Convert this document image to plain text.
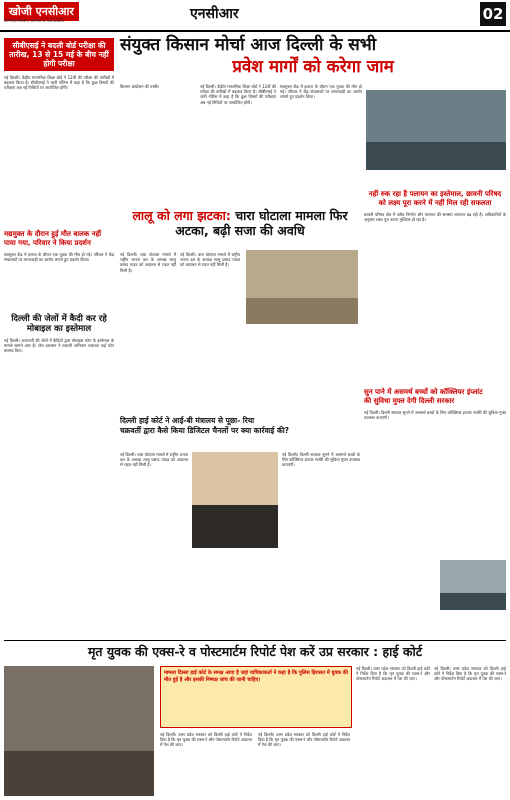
खोजी एनसीआर
दिल्ली/एनसीआर, शनिवार 4 मार्च 2024	एनसीआर	02
सीबीएसई ने बदली बोर्ड परीक्षा की तारीख, 13 से 15 मई के बीच नहीं होगी परीक्षा
नई दिल्ली। केंद्रीय माध्यमिक शिक्षा बोर्ड ने 12वीं की परीक्षा की तारीखों में बदलाव किया है। सीबीएसई ने जारी नोटिस में कहा है कि कुछ विषयों की परीक्षाएं अब नई तिथियों पर आयोजित होंगी।
संयुक्त किसान मोर्चा आज दिल्ली के सभी
प्रवेश मार्गों को करेगा जाम
किसान आंदोलन की तस्वीर	नई दिल्ली। केंद्रीय माध्यमिक शिक्षा बोर्ड ने 12वीं की परीक्षा की तारीखों में बदलाव किया है। सीबीएसई ने जारी नोटिस में कहा है कि कुछ विषयों की परीक्षाएं अब नई तिथियों पर आयोजित होंगी।
मद्यमुक्त केंद्र में इलाज के दौरान एक युवक की मौत हो गई। परिवार ने केंद्र संचालकों पर लापरवाही का आरोप लगाते हुए प्रदर्शन किया।
मद्यमुक्त के दौरान हुई मौत बालक नहीं पाया गया, परिवार ने किया प्रदर्शन
मद्यमुक्त केंद्र में इलाज के दौरान एक युवक की मौत हो गई। परिवार ने केंद्र संचालकों पर लापरवाही का आरोप लगाते हुए प्रदर्शन किया।
दिल्ली की जेलों में कैदी कर रहे मोबाइल का इस्तेमाल
नई दिल्ली। राजधानी की जेलों में कैदियों द्वारा मोबाइल फोन के इस्तेमाल के मामले सामने आए हैं। जेल प्रशासन ने तलाशी अभियान चलाकर कई फोन बरामद किए।
लालू को लगा झटका: चारा घोटाला मामला फिर अटका, बढ़ी सजा की अवधि
नई दिल्ली। चारा घोटाला मामले में राष्ट्रीय जनता दल के अध्यक्ष लालू प्रसाद यादव को अदालत से राहत नहीं मिली है।
नई दिल्ली। चारा घोटाला मामले में राष्ट्रीय जनता दल के अध्यक्ष लालू प्रसाद यादव को अदालत से राहत नहीं मिली है।
नहीं रुक रहा है पलायन का इस्तेमाल, छावनी परिषद को लक्ष्य पूरा करने में नहीं मिल रही सफलता
छावनी परिषद क्षेत्र में अवैध निर्माण और पलायन की समस्या लगातार बढ़ रही है। अधिकारियों के अनुसार लक्ष्य पूरा करना मुश्किल हो रहा है।
दिल्ली हाई कोर्ट ने आई-बी मंत्रालय से पूछा- रिया
चक्रवर्ती द्वारा कैसे किया डिजिटल चैनलों पर क्या कार्रवाई की?
नई दिल्ली। चारा घोटाला मामले में राष्ट्रीय जनता दल के अध्यक्ष लालू प्रसाद यादव को अदालत से राहत नहीं मिली है।
नई दिल्ली। दिल्ली सरकार सुनने में असमर्थ बच्चों के लिए कॉक्लियर इंप्लांट सर्जरी की सुविधा मुफ्त उपलब्ध कराएगी।
सुन पाने में असमर्थ बच्चों को कॉक्लियर इंप्लांट
की सुविधा मुफ्त देगी दिल्ली सरकार
नई दिल्ली। दिल्ली सरकार सुनने में असमर्थ बच्चों के लिए कॉक्लियर इंप्लांट सर्जरी की सुविधा मुफ्त उपलब्ध कराएगी।
मृत युवक की एक्स-रे व पोस्टमार्टम रिपोर्ट पेश करें उप्र सरकार : हाई कोर्ट
मामला दिल्ला हाई कोर्ट के समक्ष आया है जहां याचिकाकर्ता ने कहा है कि पुलिस हिरासत में युवक की मौत हुई है और इसकी निष्पक्ष जांच की जानी चाहिए।
नई दिल्ली। उत्तर प्रदेश सरकार को दिल्ली हाई कोर्ट ने निर्देश दिया है कि मृत युवक की एक्स-रे और पोस्टमार्टम रिपोर्ट अदालत में पेश की जाए।
नई दिल्ली। उत्तर प्रदेश सरकार को दिल्ली हाई कोर्ट ने निर्देश दिया है कि मृत युवक की एक्स-रे और पोस्टमार्टम रिपोर्ट अदालत में पेश की जाए।
नई दिल्ली। उत्तर प्रदेश सरकार को दिल्ली हाई कोर्ट ने निर्देश दिया है कि मृत युवक की एक्स-रे और पोस्टमार्टम रिपोर्ट अदालत में पेश की जाए।
नई दिल्ली। उत्तर प्रदेश सरकार को दिल्ली हाई कोर्ट ने निर्देश दिया है कि मृत युवक की एक्स-रे और पोस्टमार्टम रिपोर्ट अदालत में पेश की जाए।
